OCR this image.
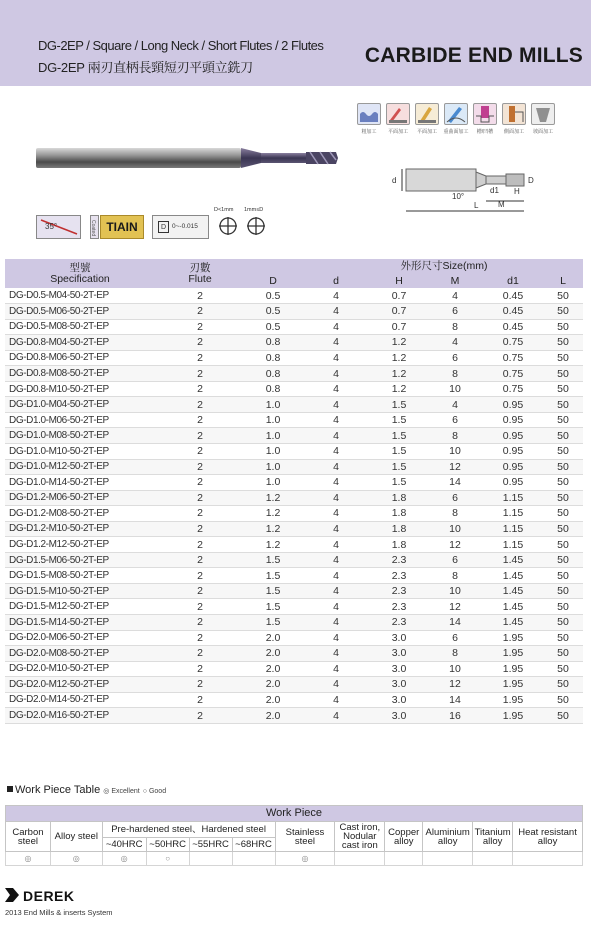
DG-2EP / Square / Long Neck / Short Flutes / 2 Flutes
DG-2EP 兩刃直柄長頸短刃平頭立銑刀
CARBIDE END MILLS
粗加工	平面加工	平面加工	重曲面加工	槽/凹槽	側面加工	坡面加工
d
d1
D
H
10°
M
L
35°	Coated TIAIN	D 0~-0.015
D<1mm 1mm≤D
型號
Specification	刃數
Flute	外形尺寸Size(mm)					
		D	d	H	M	d1	L
DG-D0.5-M04-50-2T-EP	2	0.5	4	0.7	4	0.45	50
DG-D0.5-M06-50-2T-EP	2	0.5	4	0.7	6	0.45	50
DG-D0.5-M08-50-2T-EP	2	0.5	4	0.7	8	0.45	50
DG-D0.8-M04-50-2T-EP	2	0.8	4	1.2	4	0.75	50
DG-D0.8-M06-50-2T-EP	2	0.8	4	1.2	6	0.75	50
DG-D0.8-M08-50-2T-EP	2	0.8	4	1.2	8	0.75	50
DG-D0.8-M10-50-2T-EP	2	0.8	4	1.2	10	0.75	50
DG-D1.0-M04-50-2T-EP	2	1.0	4	1.5	4	0.95	50
DG-D1.0-M06-50-2T-EP	2	1.0	4	1.5	6	0.95	50
DG-D1.0-M08-50-2T-EP	2	1.0	4	1.5	8	0.95	50
DG-D1.0-M10-50-2T-EP	2	1.0	4	1.5	10	0.95	50
DG-D1.0-M12-50-2T-EP	2	1.0	4	1.5	12	0.95	50
DG-D1.0-M14-50-2T-EP	2	1.0	4	1.5	14	0.95	50
DG-D1.2-M06-50-2T-EP	2	1.2	4	1.8	6	1.15	50
DG-D1.2-M08-50-2T-EP	2	1.2	4	1.8	8	1.15	50
DG-D1.2-M10-50-2T-EP	2	1.2	4	1.8	10	1.15	50
DG-D1.2-M12-50-2T-EP	2	1.2	4	1.8	12	1.15	50
DG-D1.5-M06-50-2T-EP	2	1.5	4	2.3	6	1.45	50
DG-D1.5-M08-50-2T-EP	2	1.5	4	2.3	8	1.45	50
DG-D1.5-M10-50-2T-EP	2	1.5	4	2.3	10	1.45	50
DG-D1.5-M12-50-2T-EP	2	1.5	4	2.3	12	1.45	50
DG-D1.5-M14-50-2T-EP	2	1.5	4	2.3	14	1.45	50
DG-D2.0-M06-50-2T-EP	2	2.0	4	3.0	6	1.95	50
DG-D2.0-M08-50-2T-EP	2	2.0	4	3.0	8	1.95	50
DG-D2.0-M10-50-2T-EP	2	2.0	4	3.0	10	1.95	50
DG-D2.0-M12-50-2T-EP	2	2.0	4	3.0	12	1.95	50
DG-D2.0-M14-50-2T-EP	2	2.0	4	3.0	14	1.95	50
DG-D2.0-M16-50-2T-EP	2	2.0	4	3.0	16	1.95	50
Work Piece Table ◎ Excellent ○ Good
Work Piece											
Carbon steel	Alloy steel	Pre-hardened steel、Hardened steel				Stainless steel	Cast iron, Nodular cast iron	Copper alloy	Aluminium alloy	Titanium alloy	Heat resistant alloy
		~40HRC	~50HRC	~55HRC	~68HRC						
◎	◎	◎	○			◎					
DEREK
2013 End Mills & inserts System
